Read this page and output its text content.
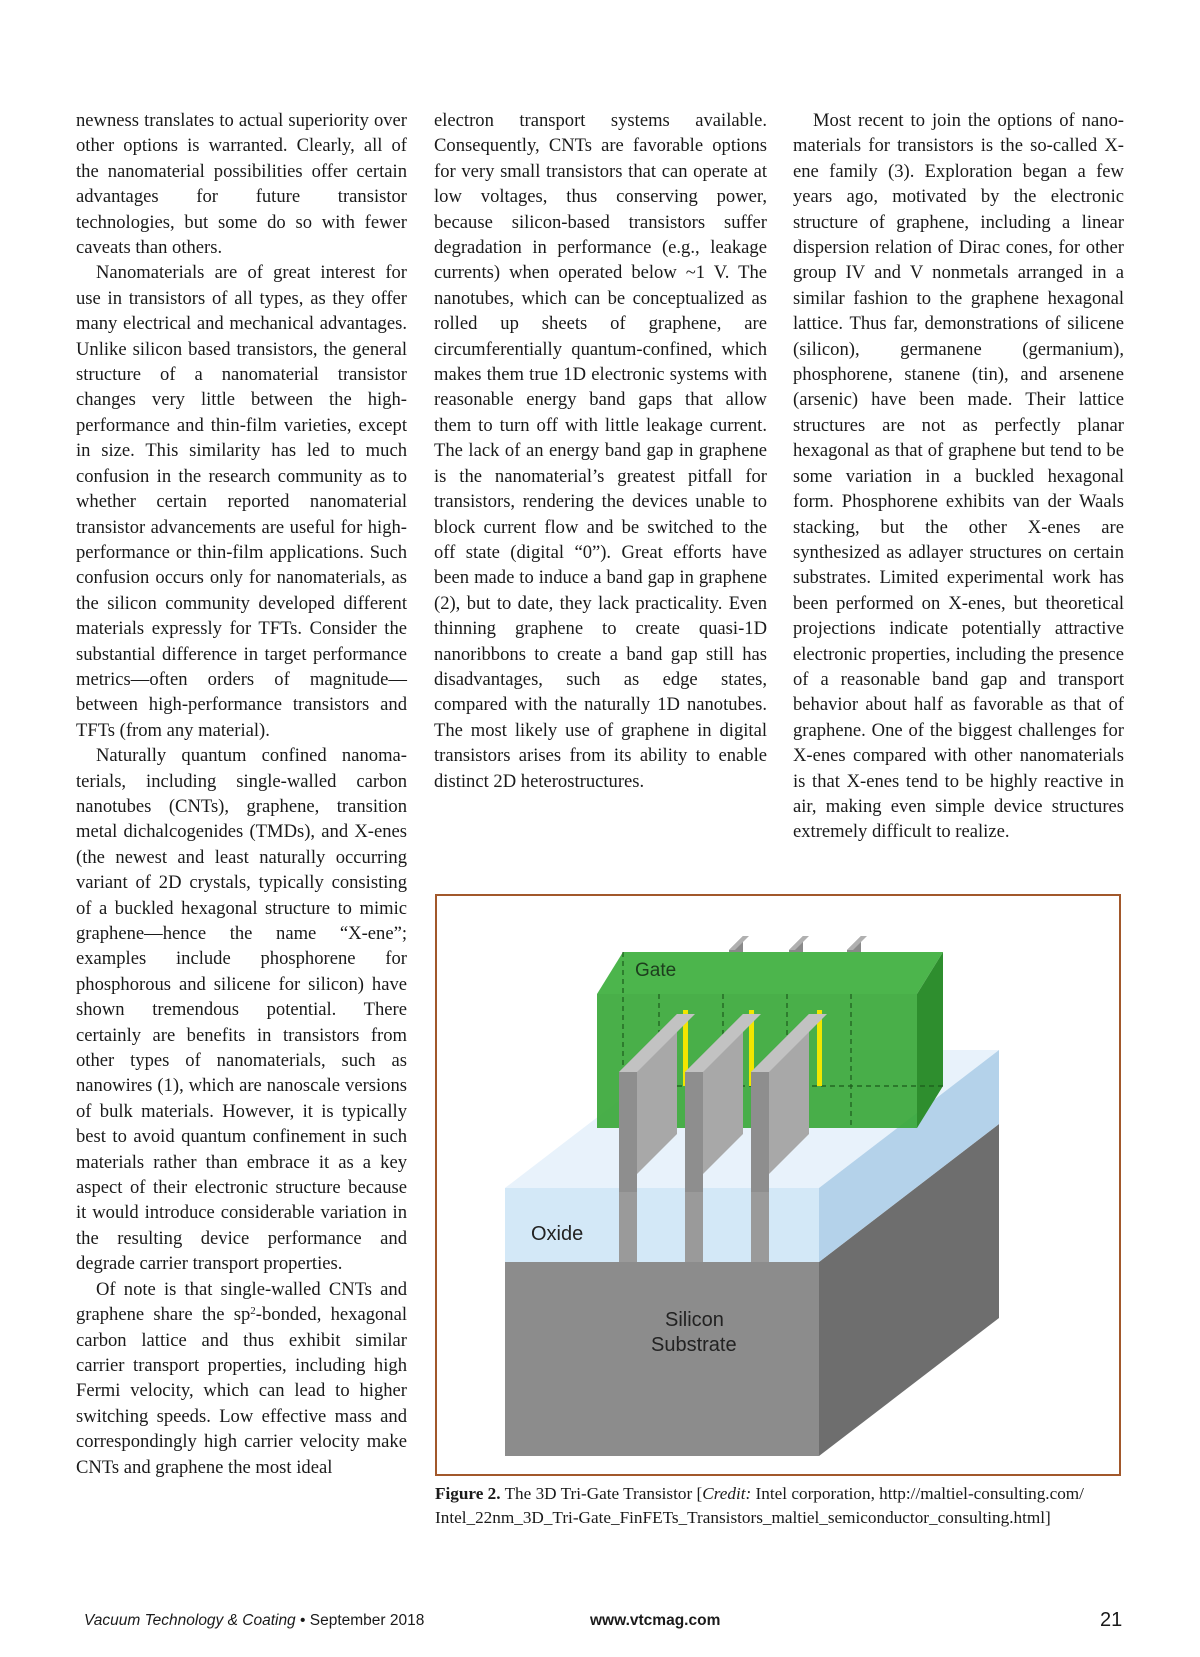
newness translates to actual superiority over other options is warranted. Clearly, all of the nanomaterial possibilities offer certain advantages for future transistor technologies, but some do so with fewer caveats than others.

Nanomaterials are of great interest for use in transistors of all types, as they offer many electrical and mechanical advantages. Unlike silicon based transistors, the general structure of a nanomaterial transistor changes very little between the high-performance and thin-film varieties, except in size. This similarity has led to much confusion in the research community as to whether certain reported nanomaterial transistor advancements are useful for high-performance or thin-film applications. Such confusion occurs only for nanomaterials, as the silicon community developed different materials expressly for TFTs. Consider the substantial difference in target performance metrics—often orders of magnitude—between high-performance transistors and TFTs (from any material).

Naturally quantum confined nanomaterials, including single-walled carbon nanotubes (CNTs), graphene, transition metal dichalcogenides (TMDs), and X-enes (the newest and least naturally occurring variant of 2D crystals, typically consisting of a buckled hexagonal structure to mimic graphene—hence the name “X-ene”; examples include phosphorene for phosphorous and silicene for silicon) have shown tremendous potential. There certainly are benefits in transistors from other types of nanomaterials, such as nanowires (1), which are nanoscale versions of bulk materials. However, it is typically best to avoid quantum confinement in such materials rather than embrace it as a key aspect of their electronic structure because it would introduce considerable variation in the resulting device performance and degrade carrier transport properties.

Of note is that single-walled CNTs and graphene share the $sp^2$-bonded, hexagonal carbon lattice and thus exhibit similar carrier transport properties, including high Fermi velocity, which can lead to higher switching speeds. Low effective mass and correspondingly high carrier velocity make CNTs and graphene the most ideal

electron transport systems available. Consequently, CNTs are favorable options for very small transistors that can operate at low voltages, thus conserving power, because silicon-based transistors suffer degradation in performance (e.g., leakage currents) when operated below ~1 V. The nanotubes, which can be conceptualized as rolled up sheets of graphene, are circumferentially quantum-confined, which makes them true 1D electronic systems with reasonable energy band gaps that allow them to turn off with little leakage current. The lack of an energy band gap in graphene is the nanomaterial’s greatest pitfall for transistors, rendering the devices unable to block current flow and be switched to the off state (digital “0”). Great efforts have been made to induce a band gap in graphene (2), but to date, they lack practicality. Even thinning graphene to create quasi-1D nanoribbons to create a band gap still has disadvantages, such as edge states, compared with the naturally 1D nanotubes. The most likely use of graphene in digital transistors arises from its ability to enable distinct 2D heterostructures.

Most recent to join the options of nanomaterials for transistors is the so-called X-ene family (3). Exploration began a few years ago, motivated by the electronic structure of graphene, including a linear dispersion relation of Dirac cones, for other group IV and V nonmetals arranged in a similar fashion to the graphene hexagonal lattice. Thus far, demonstrations of silicene (silicon), germanene (germanium), phosphorene, stanene (tin), and arsenene (arsenic) have been made. Their lattice structures are not as perfectly planar hexagonal as that of graphene but tend to be some variation in a buckled hexagonal form. Phosphorene exhibits van der Waals stacking, but the other X-enes are synthesized as adlayer structures on certain substrates. Limited experimental work has been performed on X-enes, but theoretical projections indicate potentially attractive electronic properties, including the presence of a reasonable band gap and transport behavior about half as favorable as that of graphene. One of the biggest challenges for X-enes compared with other nanomaterials is that X-enes tend to be highly reactive in air, making even simple device structures extremely difficult to realize.

Gate
Oxide
Silicon
Substrate
Figure 2. The 3D Tri-Gate Transistor [Credit: Intel corporation, http://maltiel-consulting.com/ Intel_22nm_3D_Tri-Gate_FinFETs_Transistors_maltiel_semiconductor_consulting.html]
Vacuum Technology & Coating • September 2018	www.vtcmag.com	21
